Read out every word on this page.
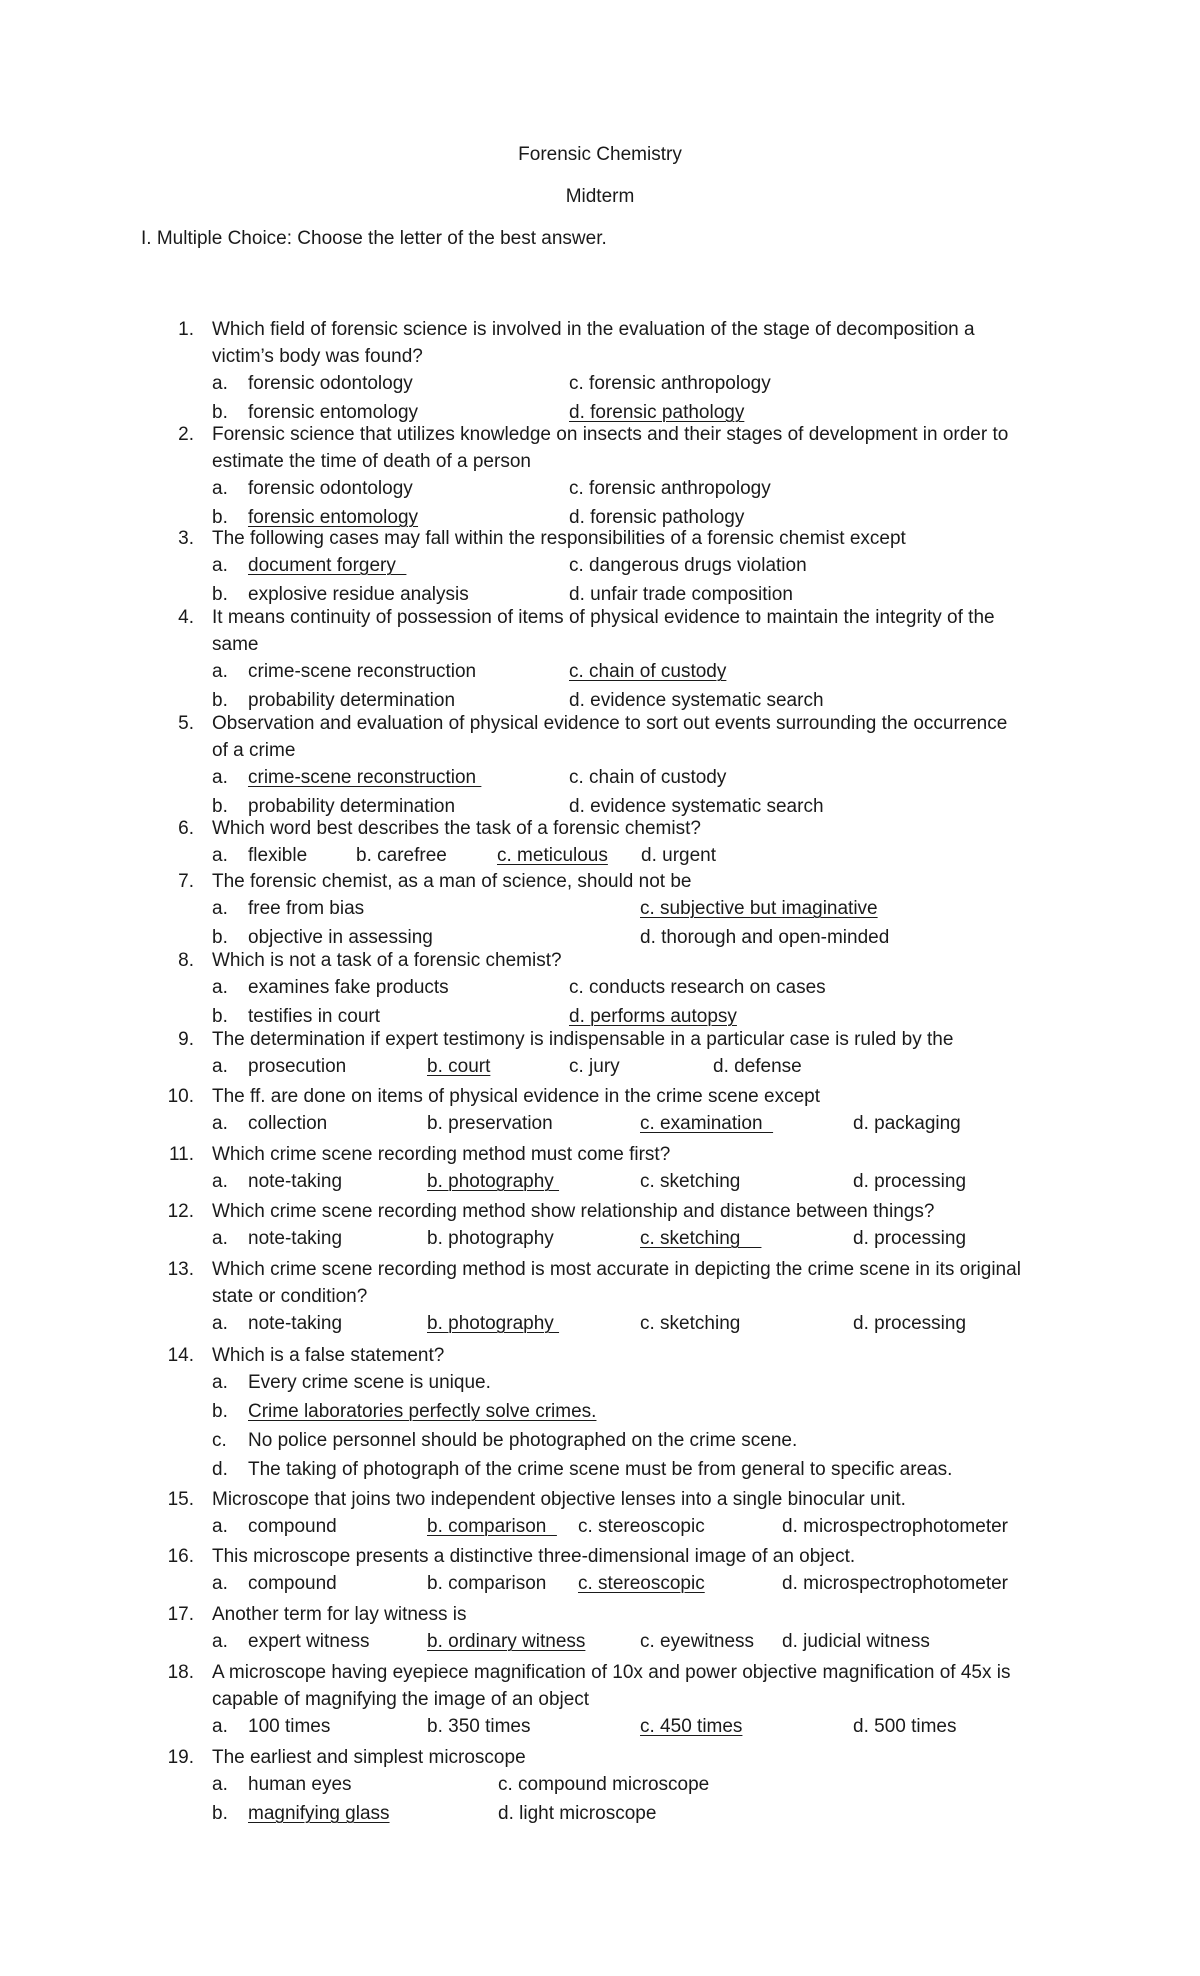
Forensic Chemistry
Midterm
I. Multiple Choice: Choose the letter of the best answer.
1. Which field of forensic science is involved in the evaluation of the stage of decomposition a
victim’s body was found?
a. forensic odontology	c. forensic anthropology
b. forensic entomology	d. forensic pathology
2. Forensic science that utilizes knowledge on insects and their stages of development in order to
estimate the time of death of a person
a. forensic odontology	c. forensic anthropology
b. forensic entomology	d. forensic pathology
3. The following cases may fall within the responsibilities of a forensic chemist except
a. document forgery	c. dangerous drugs violation
b. explosive residue analysis	d. unfair trade composition
4. It means continuity of possession of items of physical evidence to maintain the integrity of the
same
a. crime-scene reconstruction	c. chain of custody
b. probability determination	d. evidence systematic search
5. Observation and evaluation of physical evidence to sort out events surrounding the occurrence
of a crime
a. crime-scene reconstruction	c. chain of custody
b. probability determination	d. evidence systematic search
6. Which word best describes the task of a forensic chemist?
a. flexible	b. carefree	c. meticulous d. urgent
7. The forensic chemist, as a man of science, should not be
a. free from bias	c. subjective but imaginative
b. objective in assessing	d. thorough and open-minded
8. Which is not a task of a forensic chemist?
a. examines fake products	c. conducts research on cases
b. testifies in court	d. performs autopsy
9. The determination if expert testimony is indispensable in a particular case is ruled by the
a. prosecution	b. court	c. jury	d. defense
10. The ff. are done on items of physical evidence in the crime scene except
a. collection	b. preservation	c. examination	d. packaging
11. Which crime scene recording method must come first?
a. note-taking	b. photography	c. sketching	d. processing
12. Which crime scene recording method show relationship and distance between things?
a. note-taking	b. photography	c. sketching	d. processing
13. Which crime scene recording method is most accurate in depicting the crime scene in its original
state or condition?
a. note-taking	b. photography	c. sketching	d. processing
14. Which is a false statement?
a. Every crime scene is unique.
b. Crime laboratories perfectly solve crimes.
c. No police personnel should be photographed on the crime scene.
d. The taking of photograph of the crime scene must be from general to specific areas.
15. Microscope that joins two independent objective lenses into a single binocular unit.
a. compound	b. comparison c. stereoscopic	d. microspectrophotometer
16. This microscope presents a distinctive three-dimensional image of an object.
a. compound	b. comparison c. stereoscopic	d. microspectrophotometer
17. Another term for lay witness is
a. expert witness	b. ordinary witness	c. eyewitness d. judicial witness
18. A microscope having eyepiece magnification of 10x and power objective magnification of 45x is
capable of magnifying the image of an object
a. 100 times	b. 350 times	c. 450 times	d. 500 times
19. The earliest and simplest microscope
a. human eyes	c. compound microscope
b. magnifying glass	d. light microscope
